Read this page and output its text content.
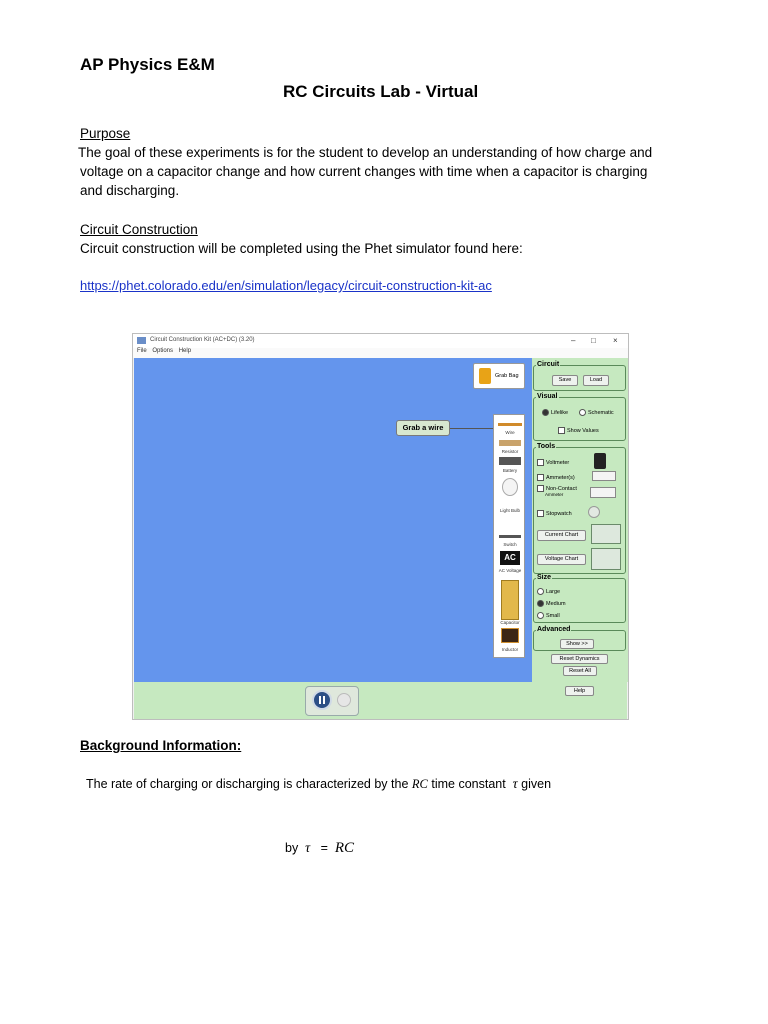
AP Physics E&M
RC Circuits Lab - Virtual
Purpose
The goal of these experiments is for the student to develop an understanding of how charge and
voltage on a capacitor change and how current changes with time when a capacitor is charging
and discharging.
Circuit Construction
Circuit construction will be completed using the Phet simulator found here:
https://phet.colorado.edu/en/simulation/legacy/circuit-construction-kit-ac
Circuit Construction Kit (AC+DC) (3.20)	– □ ×
File Options Help
Grab Bag
Grab a wire
Wire
Resistor
Battery
Light Bulb
Switch
AC
AC Voltage
Capacitor
Inductor
Circuit
Save	Load
Visual
Lifelike	Schematic
Show Values
Tools
Voltmeter
Ammeter(s)
Non-Contact
Ammeter
Stopwatch
Current Chart
Voltage Chart
Size
Large
Medium
Small
Advanced
Show >>
Reset Dynamics
Reset All
Help
Background Information:
The rate of charging or discharging is characterized by the RC time constant τ given
by τ = RC
